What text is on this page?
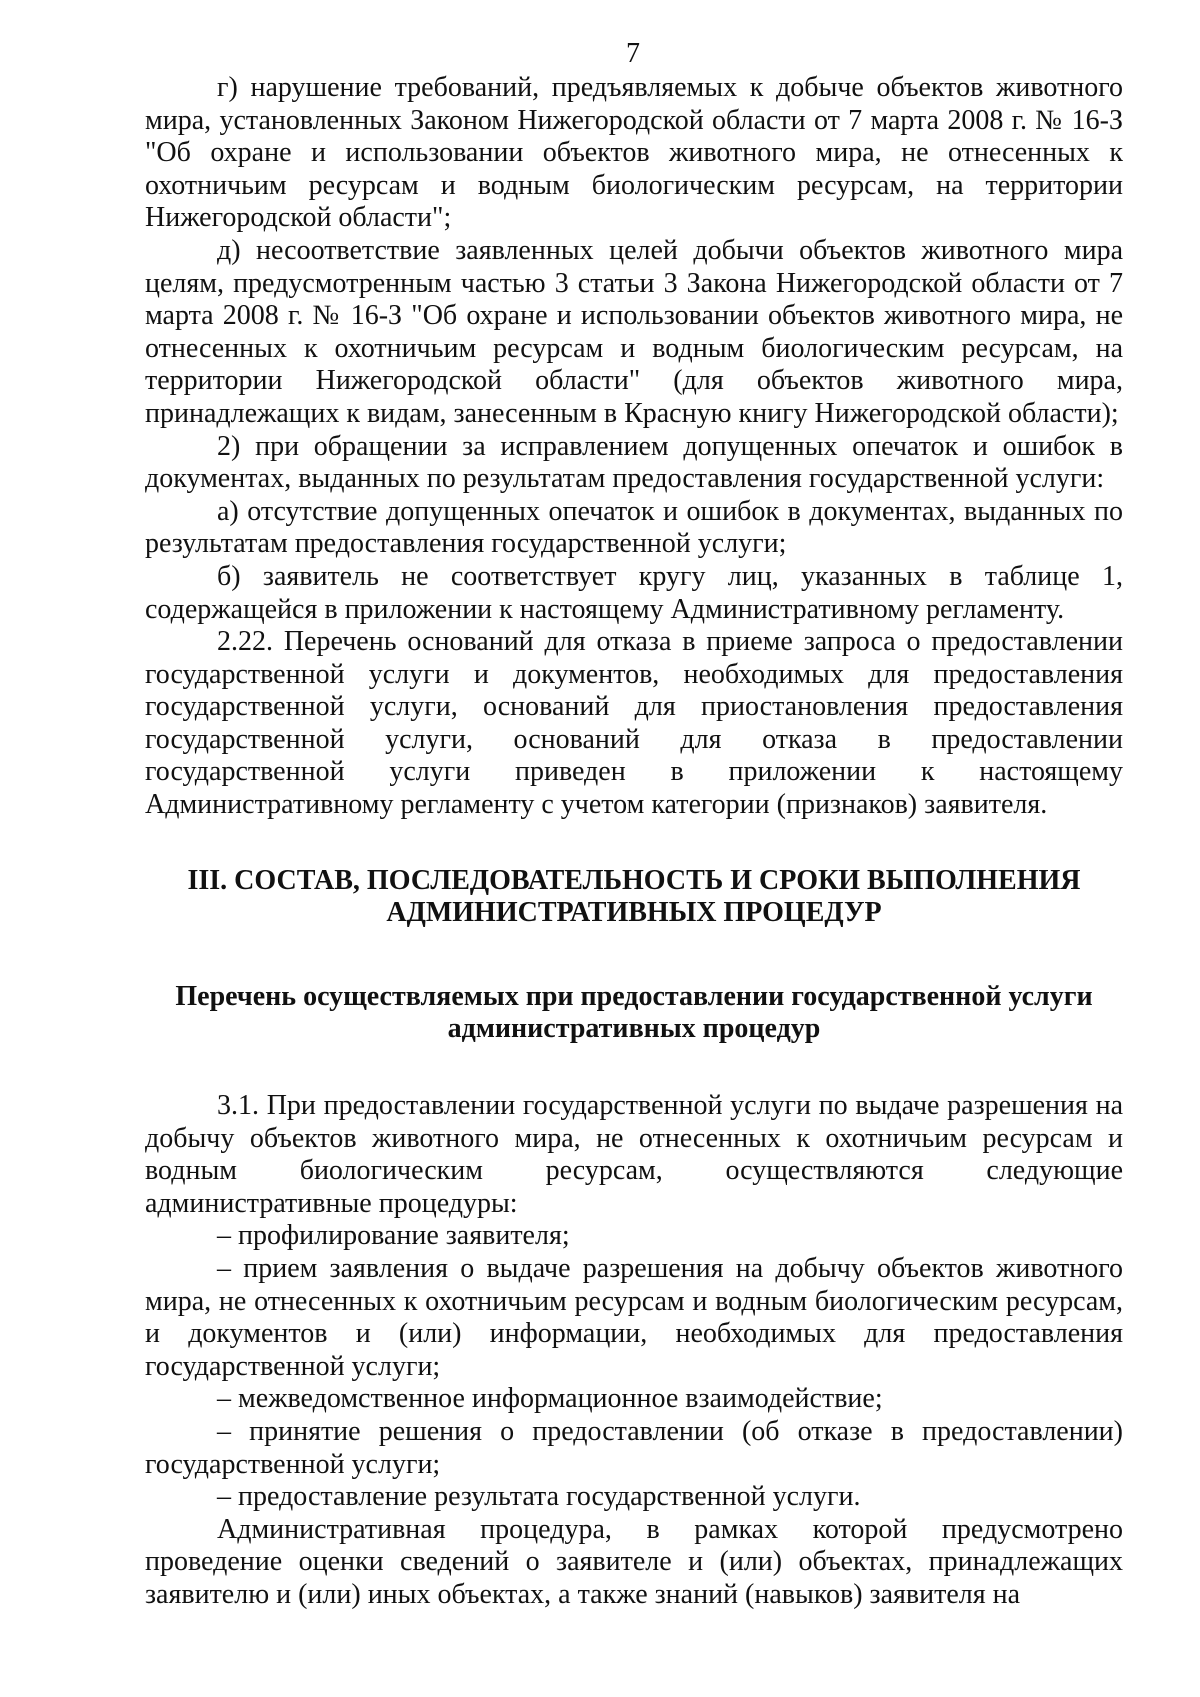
7

г) нарушение требований, предъявляемых к добыче объектов животного мира, установленных Законом Нижегородской области от 7 марта 2008 г. № 16-З "Об охране и использовании объектов животного мира, не отнесенных к охотничьим ресурсам и водным биологическим ресурсам, на территории Нижегородской области";

д) несоответствие заявленных целей добычи объектов животного мира целям, предусмотренным частью 3 статьи 3 Закона Нижегородской области от 7 марта 2008 г. № 16-З "Об охране и использовании объектов животного мира, не отнесенных к охотничьим ресурсам и водным биологическим ресурсам, на территории Нижегородской области" (для объектов животного мира, принадлежащих к видам, занесенным в Красную книгу Нижегородской области);

2) при обращении за исправлением допущенных опечаток и ошибок в документах, выданных по результатам предоставления государственной услуги:

а) отсутствие допущенных опечаток и ошибок в документах, выданных по результатам предоставления государственной услуги;

б) заявитель не соответствует кругу лиц, указанных в таблице 1, содержащейся в приложении к настоящему Административному регламенту.

2.22. Перечень оснований для отказа в приеме запроса о предоставлении государственной услуги и документов, необходимых для предоставления государственной услуги, оснований для приостановления предоставления государственной услуги, оснований для отказа в предоставлении государственной услуги приведен в приложении к настоящему Административному регламенту с учетом категории (признаков) заявителя.

III. СОСТАВ, ПОСЛЕДОВАТЕЛЬНОСТЬ И СРОКИ ВЫПОЛНЕНИЯ
АДМИНИСТРАТИВНЫХ ПРОЦЕДУР
Перечень осуществляемых при предоставлении государственной услуги
административных процедур

3.1. При предоставлении государственной услуги по выдаче разрешения на добычу объектов животного мира, не отнесенных к охотничьим ресурсам и водным биологическим ресурсам, осуществляются следующие административные процедуры:

– профилирование заявителя;

– прием заявления о выдаче разрешения на добычу объектов животного мира, не отнесенных к охотничьим ресурсам и водным биологическим ресурсам, и документов и (или) информации, необходимых для предоставления государственной услуги;

– межведомственное информационное взаимодействие;

– принятие решения о предоставлении (об отказе в предоставлении) государственной услуги;

– предоставление результата государственной услуги.

Административная процедура, в рамках которой предусмотрено проведение оценки сведений о заявителе и (или) объектах, принадлежащих заявителю и (или) иных объектах, а также знаний (навыков) заявителя на
